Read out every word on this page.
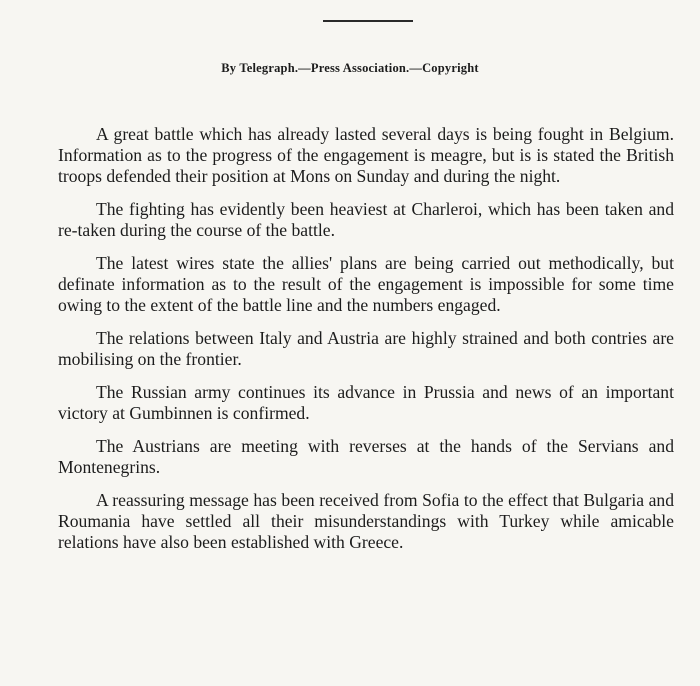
By Telegraph.—Press Association.—Copyright

A great battle which has already lasted several days is being fought in Belgium. Information as to the progress of the engagement is meagre, but is is stated the British troops defended their position at Mons on Sunday and during the night.

The fighting has evidently been heaviest at Charleroi, which has been taken and re-taken during the course of the battle.

The latest wires state the allies' plans are being carried out methodically, but definate information as to the result of the engagement is impossible for some time owing to the extent of the battle line and the numbers engaged.

The relations between Italy and Austria are highly strained and both contries are mobilising on the frontier.

The Russian army continues its advance in Prussia and news of an important victory at Gumbinnen is confirmed.

The Austrians are meeting with reverses at the hands of the Servians and Montenegrins.

A reassuring message has been received from Sofia to the effect that Bulgaria and Roumania have settled all their misunderstandings with Turkey while amicable relations have also been established with Greece.
